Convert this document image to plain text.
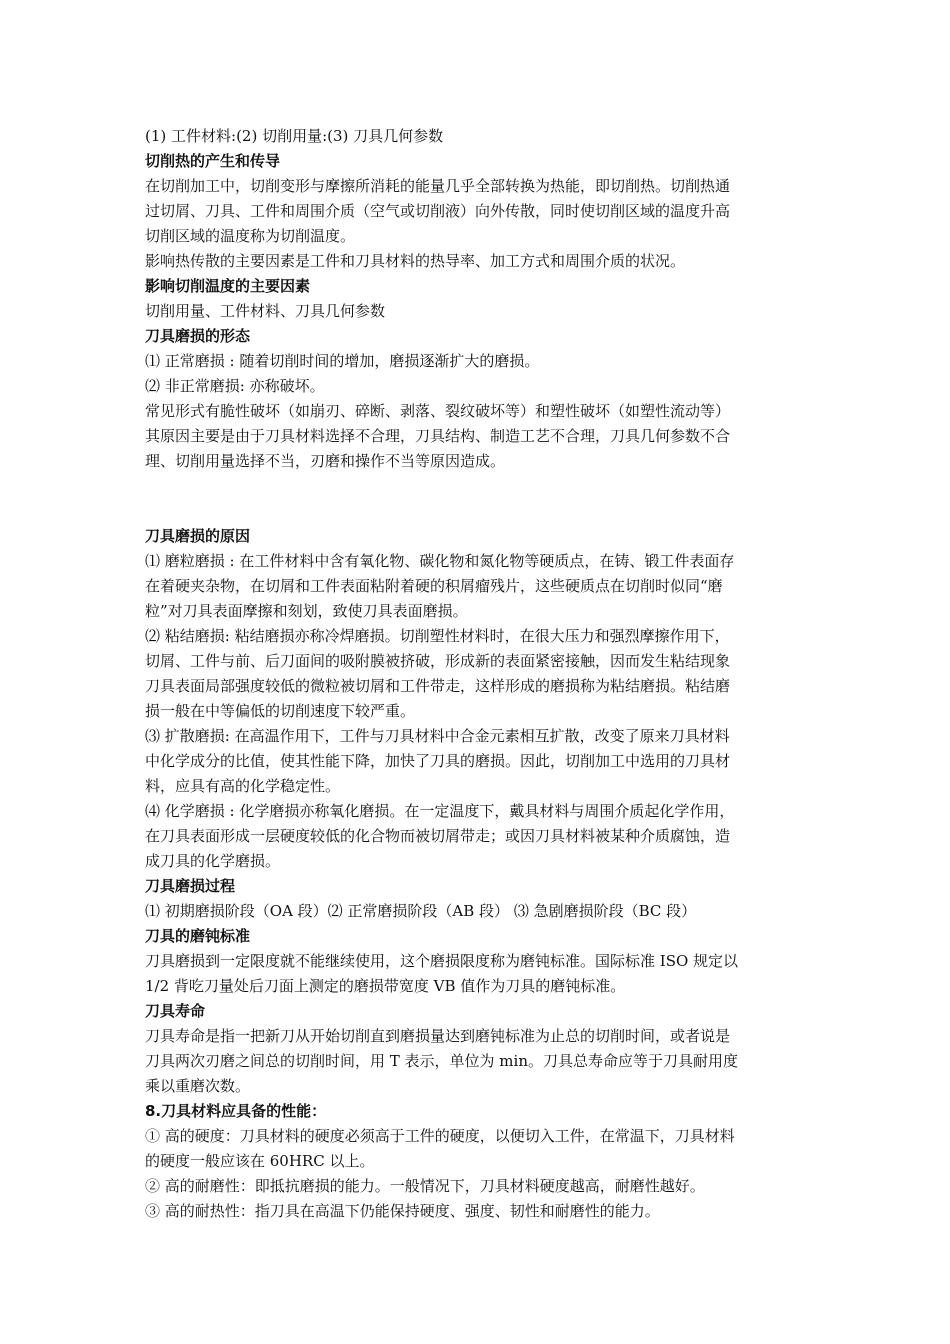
(1) 工件材料:(2) 切削用量:(3) 刀具几何参数
切削热的产生和传导
在切削加工中，切削变形与摩擦所消耗的能量几乎全部转换为热能，即切削热。切削热通
过切屑、刀具、工件和周围介质（空气或切削液）向外传散，同时使切削区域的温度升高
切削区域的温度称为切削温度。
影响热传散的主要因素是工件和刀具材料的热导率、加工方式和周围介质的状况。
影响切削温度的主要因素
切削用量、工件材料、刀具几何参数
刀具磨损的形态
⑴ 正常磨损 : 随着切削时间的增加，磨损逐渐扩大的磨损。
⑵ 非正常磨损: 亦称破坏。
常见形式有脆性破坏（如崩刃、碎断、剥落、裂纹破坏等）和塑性破坏（如塑性流动等）
其原因主要是由于刀具材料选择不合理，刀具结构、制造工艺不合理，刀具几何参数不合
理、切削用量选择不当，刃磨和操作不当等原因造成。
刀具磨损的原因
⑴ 磨粒磨损 : 在工件材料中含有氧化物、碳化物和氮化物等硬质点，在铸、锻工件表面存
在着硬夹杂物，在切屑和工件表面粘附着硬的积屑瘤残片，这些硬质点在切削时似同“磨
粒”对刀具表面摩擦和刻划，致使刀具表面磨损。
⑵ 粘结磨损: 粘结磨损亦称冷焊磨损。切削塑性材料时，在很大压力和强烈摩擦作用下，
切屑、工件与前、后刀面间的吸附膜被挤破，形成新的表面紧密接触，因而发生粘结现象
刀具表面局部强度较低的微粒被切屑和工件带走，这样形成的磨损称为粘结磨损。粘结磨
损一般在中等偏低的切削速度下较严重。
⑶ 扩散磨损: 在高温作用下，工件与刀具材料中合金元素相互扩散，改变了原来刀具材料
中化学成分的比值，使其性能下降，加快了刀具的磨损。因此，切削加工中选用的刀具材
料，应具有高的化学稳定性。
⑷ 化学磨损 : 化学磨损亦称氧化磨损。在一定温度下，戴具材料与周围介质起化学作用，
在刀具表面形成一层硬度较低的化合物而被切屑带走；或因刀具材料被某种介质腐蚀，造
成刀具的化学磨损。
刀具磨损过程
⑴ 初期磨损阶段（OA 段）⑵ 正常磨损阶段（AB 段） ⑶ 急剧磨损阶段（BC 段）
刀具的磨钝标准
刀具磨损到一定限度就不能继续使用，这个磨损限度称为磨钝标准。国际标准 ISO 规定以
1/2 背吃刀量处后刀面上测定的磨损带宽度 VB 值作为刀具的磨钝标准。
刀具寿命
刀具寿命是指一把新刀从开始切削直到磨损量达到磨钝标准为止总的切削时间，或者说是
刀具两次刃磨之间总的切削时间，用 T 表示，单位为 min。刀具总寿命应等于刀具耐用度
乘以重磨次数。
8.刀具材料应具备的性能：
① 高的硬度：刀具材料的硬度必须高于工件的硬度，以便切入工件，在常温下，刀具材料
的硬度一般应该在 60HRC 以上。
② 高的耐磨性：即抵抗磨损的能力。一般情况下，刀具材料硬度越高，耐磨性越好。
③ 高的耐热性：指刀具在高温下仍能保持硬度、强度、韧性和耐磨性的能力。
